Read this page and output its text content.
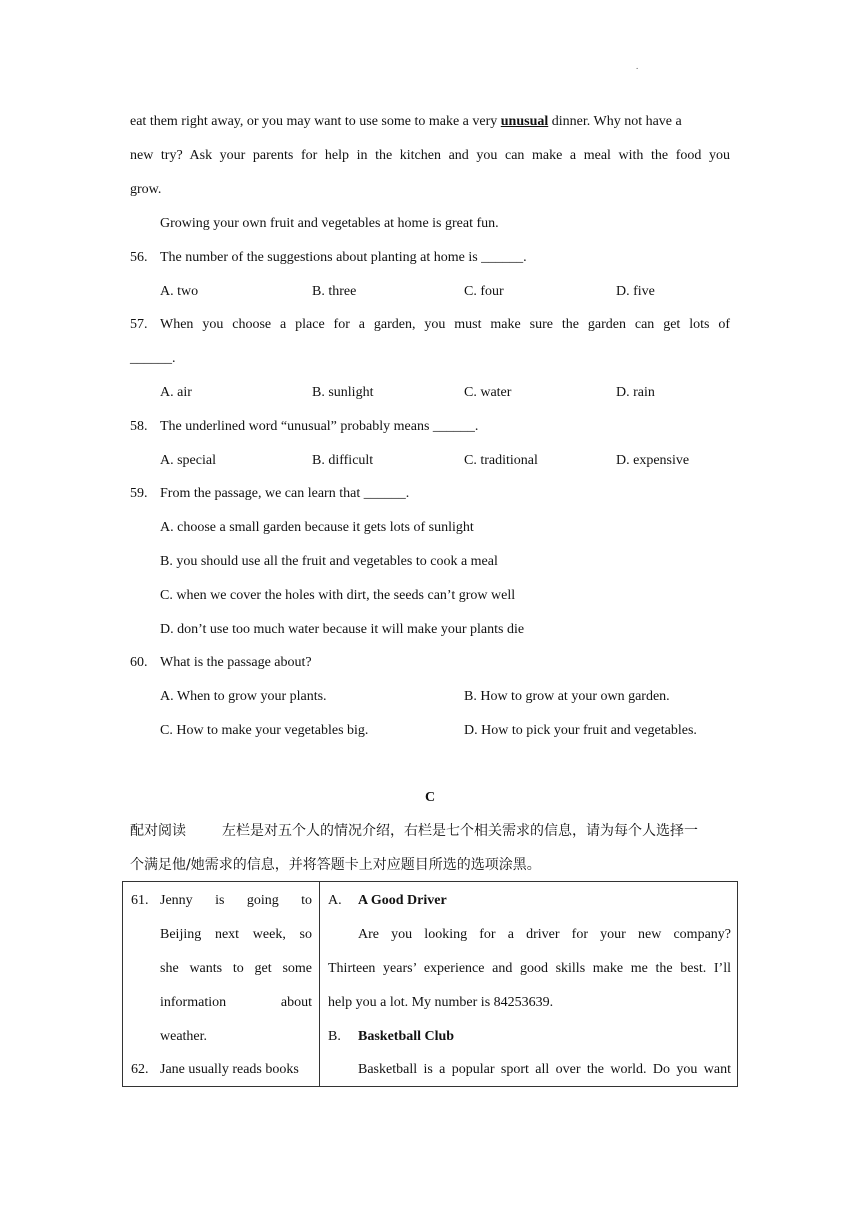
.
eat them right away, or you may want to use some to make a very unusual dinner. Why not have a
new try? Ask your parents for help in the kitchen and you can make a meal with the food you
grow.
Growing your own fruit and vegetables at home is great fun.
56. The number of the suggestions about planting at home is ______.
A. two	B. three	C. four	D. five
57. When you choose a place for a garden, you must make sure the garden can get lots of
______.
A. air	B. sunlight	C. water	D. rain
58. The underlined word “unusual” probably means ______.
A. special	B. difficult	C. traditional	D. expensive
59. From the passage, we can learn that ______.
A. choose a small garden because it gets lots of sunlight
B. you should use all the fruit and vegetables to cook a meal
C. when we cover the holes with dirt, the seeds can’t grow well
D. don’t use too much water because it will make your plants die
60. What is the passage about?
A. When to grow your plants.	B. How to grow at your own garden.
C. How to make your vegetables big.	D. How to pick your fruit and vegetables.
C
配对阅读	左栏是对五个人的情况介绍，右栏是七个相关需求的信息，请为每个人选择一
个满足他/她需求的信息，并将答题卡上对应题目所选的选项涂黑。
61. Jenny is going to
Beijing next week, so
she wants to get some
information about
weather.
62. Jane usually reads books

A. A Good Driver
Are you looking for a driver for your new company?
Thirteen years’ experience and good skills make me the best. I’ll
help you a lot. My number is 84253639.
B. Basketball Club
Basketball is a popular sport all over the world. Do you want
